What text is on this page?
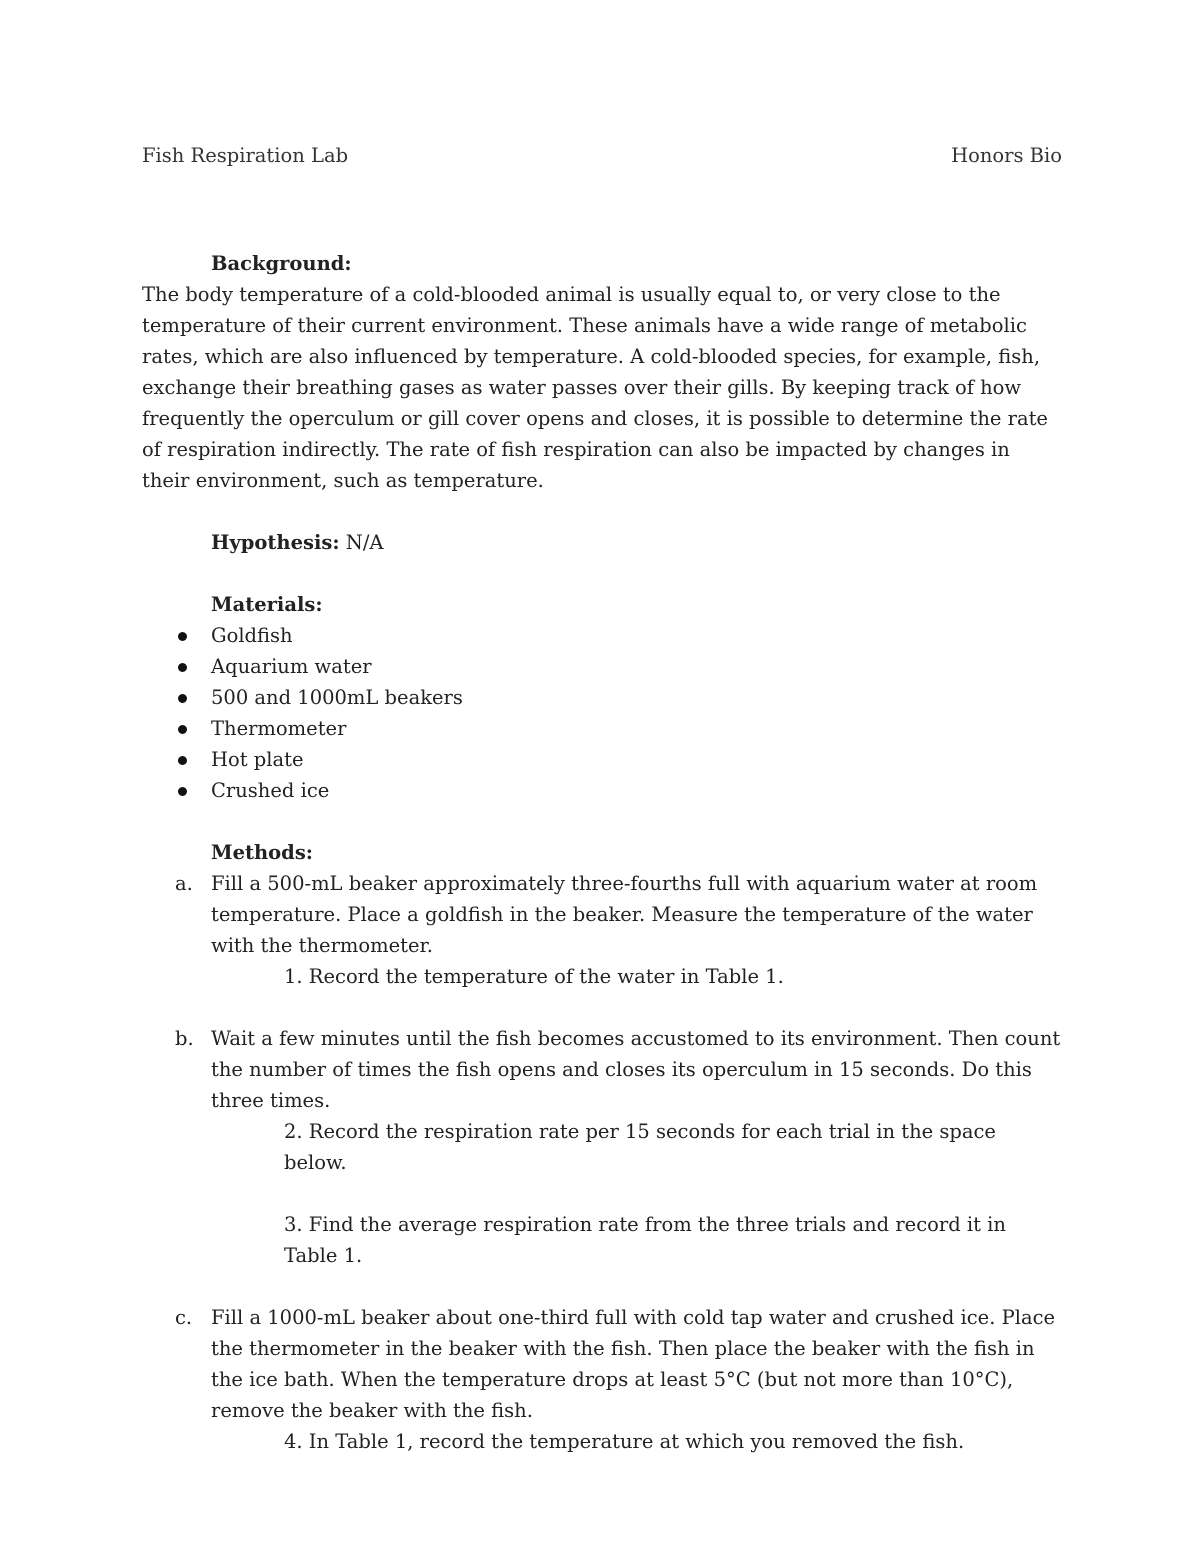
Fish Respiration Lab	Honors Bio
Background:

The body temperature of a cold-blooded animal is usually equal to, or very close to the temperature of their current environment. These animals have a wide range of metabolic rates, which are also influenced by temperature. A cold-blooded species, for example, fish, exchange their breathing gases as water passes over their gills. By keeping track of how frequently the operculum or gill cover opens and closes, it is possible to determine the rate of respiration indirectly. The rate of fish respiration can also be impacted by changes in their environment, such as temperature.

Hypothesis: N/A
Materials:
Goldfish
Aquarium water
500 and 1000mL beakers
Thermometer
Hot plate
Crushed ice
Methods:
a. Fill a 500-mL beaker approximately three-fourths full with aquarium water at room temperature. Place a goldfish in the beaker. Measure the temperature of the water with the thermometer.
1. Record the temperature of the water in Table 1.
b. Wait a few minutes until the fish becomes accustomed to its environment. Then count the number of times the fish opens and closes its operculum in 15 seconds. Do this three times.
2. Record the respiration rate per 15 seconds for each trial in the space below.
3. Find the average respiration rate from the three trials and record it in Table 1.
c. Fill a 1000-mL beaker about one-third full with cold tap water and crushed ice. Place the thermometer in the beaker with the fish. Then place the beaker with the fish in the ice bath. When the temperature drops at least 5°C (but not more than 10°C), remove the beaker with the fish.
4. In Table 1, record the temperature at which you removed the fish.
